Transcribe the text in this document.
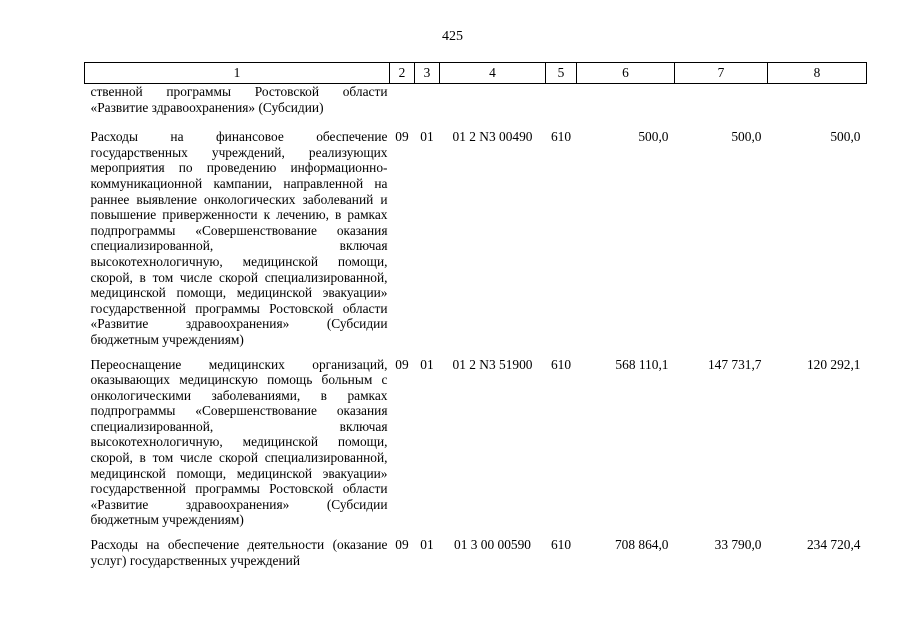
425
1	2	3	4	5	6	7	8
ственной программы Ростовской области «Развитие здравоохранения» (Субсидии)							
Расходы на финансовое обеспечение государственных учреждений, реализующих мероприятия по проведению информационно-коммуникационной кампании, направленной на раннее выявление онкологических заболеваний и повышение приверженности к лечению, в рамках подпрограммы «Совершенствование оказания специализированной, включая высокотехнологичную, медицинской помощи, скорой, в том числе скорой специализированной, медицинской помощи, медицинской эвакуации» государственной программы Ростовской области «Развитие здравоохранения» (Субсидии бюджетным учреждениям)	09	01	01 2 N3 00490	610	500,0	500,0	500,0
Переоснащение медицинских организаций, оказывающих медицинскую помощь больным с онкологическими заболеваниями, в рамках подпрограммы «Совершенствование оказания специализированной, включая высокотехнологичную, медицинской помощи, скорой, в том числе скорой специализированной, медицинской помощи, медицинской эвакуации» государственной программы Ростовской области «Развитие здравоохранения» (Субсидии бюджетным учреждениям)	09	01	01 2 N3 51900	610	568 110,1	147 731,7	120 292,1
Расходы на обеспечение деятельности (оказание услуг) государственных учреждений	09	01	01 3 00 00590	610	708 864,0	33 790,0	234 720,4
